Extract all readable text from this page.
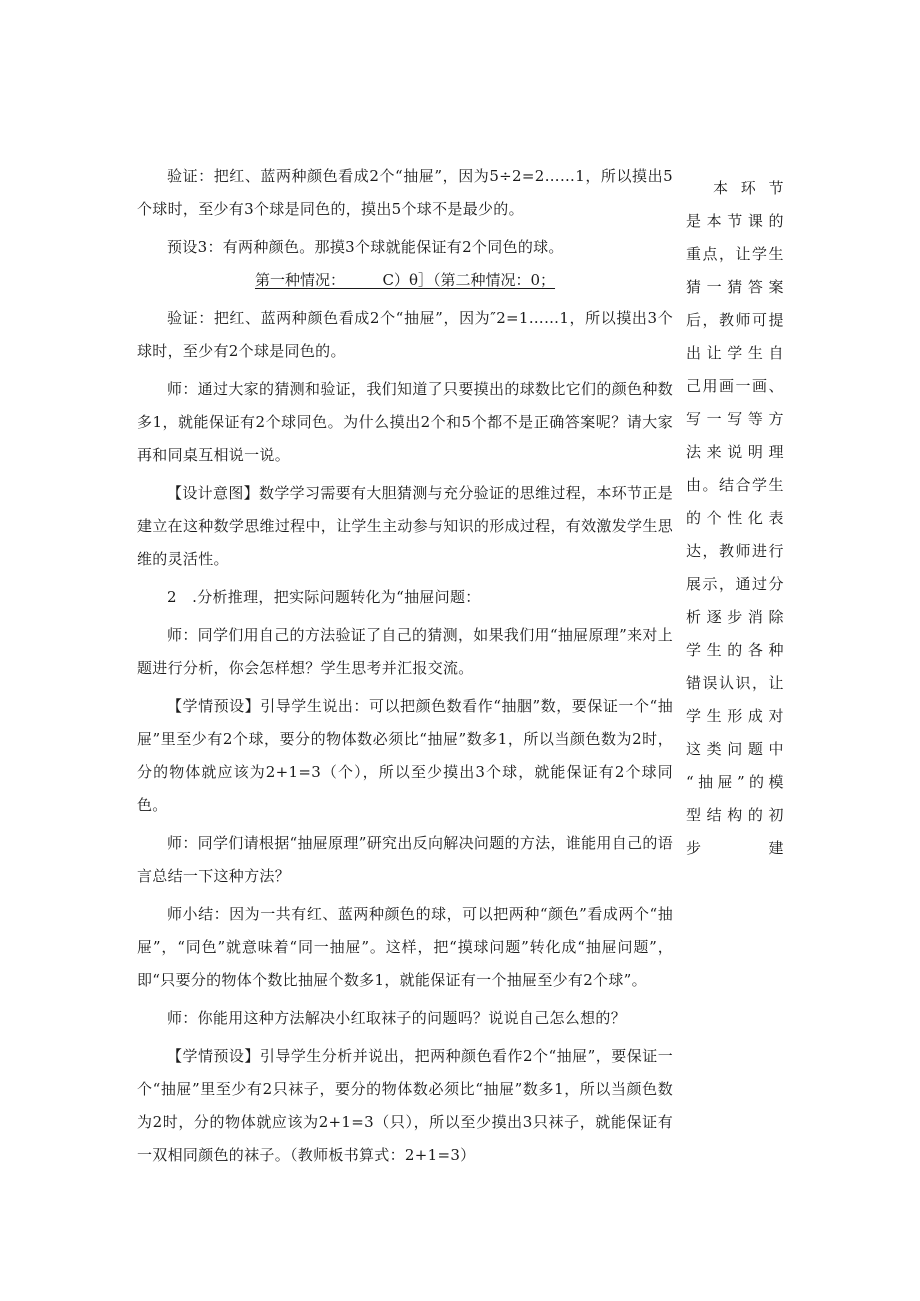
验证：把红、蓝两种颜色看成2个“抽屉”，因为5÷2=2……1，所以摸出5个球时，至少有3个球是同色的，摸出5个球不是最少的。

预设3：有两种颜色。那摸3个球就能保证有2个同色的球。

第一种情况：　　　C）θ］（第二种情况：0；

验证：把红、蓝两种颜色看成2个“抽屉”，因为″2=1……1，所以摸出3个球时，至少有2个球是同色的。

师：通过大家的猜测和验证，我们知道了只要摸出的球数比它们的颜色种数多1，就能保证有2个球同色。为什么摸出2个和5个都不是正确答案呢？请大家再和同桌互相说一说。

【设计意图】数学学习需要有大胆猜测与充分验证的思维过程，本环节正是建立在这种数学思维过程中，让学生主动参与知识的形成过程，有效激发学生思维的灵活性。

2　.分析推理，把实际问题转化为“抽屉问题：

师：同学们用自己的方法验证了自己的猜测，如果我们用“抽屉原理”来对上题进行分析，你会怎样想？学生思考并汇报交流。

【学情预设】引导学生说出：可以把颜色数看作“抽胭”数，要保证一个“抽屉”里至少有2个球，要分的物体数必须比“抽屉”数多1，所以当颜色数为2时，分的物体就应该为2+1=3（个），所以至少摸出3个球，就能保证有2个球同色。

师：同学们请根据“抽屉原理”研究出反向解决问题的方法，谁能用自己的语言总结一下这种方法？

师小结：因为一共有红、蓝两种颜色的球，可以把两种“颜色”看成两个“抽屉”，“同色”就意味着“同一抽屉”。这样，把“摸球问题”转化成“抽屉问题”，即“只要分的物体个数比抽屉个数多1，就能保证有一个抽屉至少有2个球”。

师：你能用这种方法解决小红取袜子的问题吗？说说自己怎么想的？

【学情预设】引导学生分析并说出，把两种颜色看作2个“抽屉”，要保证一个“抽屉”里至少有2只袜子，要分的物体数必须比“抽屉”数多1，所以当颜色数为2时，分的物体就应该为2+1=3（只），所以至少摸出3只袜子，就能保证有一双相同颜色的袜子。（教师板书算式：2+1=3）

本环节
是本节课的
重点，让学生
猜一猜答案
后，教师可提
出让学生自
己用画一画、
写一写等方
法来说明理
由。结合学生
的个性化表
达，教师进行
展示，通过分
析逐步消除
学生的各种
错误认识，让
学生形成对
这类问题中
“抽屉”的模
型结构的初
步建
